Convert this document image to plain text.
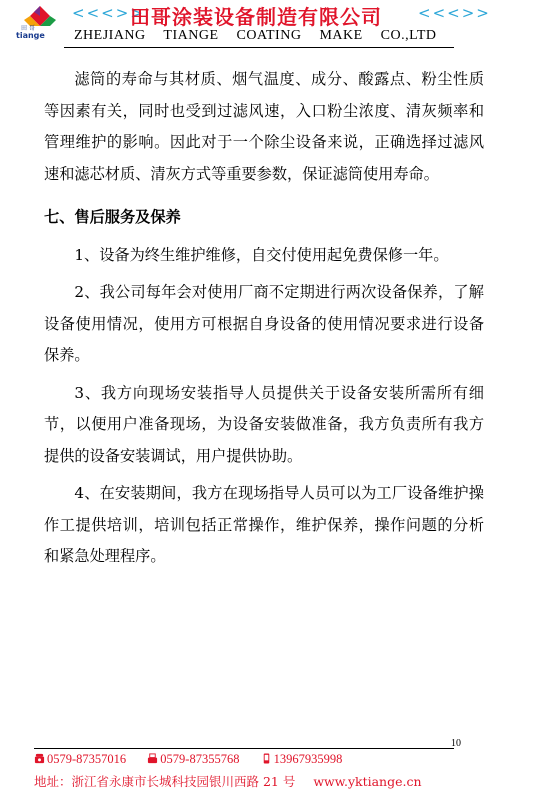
田 哥
tiange
<<<>>
田哥涂装设备制造有限公司 <<<>>
ZHEJIANG TIANGE COATING MAKE CO.,LTD

滤筒的寿命与其材质、烟气温度、成分、酸露点、粉尘性质等因素有关，同时也受到过滤风速，入口粉尘浓度、清灰频率和管理维护的影响。因此对于一个除尘设备来说，正确选择过滤风速和滤芯材质、清灰方式等重要参数，保证滤筒使用寿命。

七、售后服务及保养

1、设备为终生维护维修，自交付使用起免费保修一年。

2、我公司每年会对使用厂商不定期进行两次设备保养，了解设备使用情况，使用方可根据自身设备的使用情况要求进行设备保养。

3、我方向现场安装指导人员提供关于设备安装所需所有细节，以便用户准备现场，为设备安装做准备，我方负责所有我方提供的设备安装调试，用户提供协助。

4、在安装期间，我方在现场指导人员可以为工厂设备维护操作工提供培训，培训包括正常操作，维护保养，操作问题的分析和紧急处理程序。

10
0579-87357016	0579-87355768	13967935998
地址：浙江省永康市长城科技园银川西路 21 号 www.yktiange.cn
